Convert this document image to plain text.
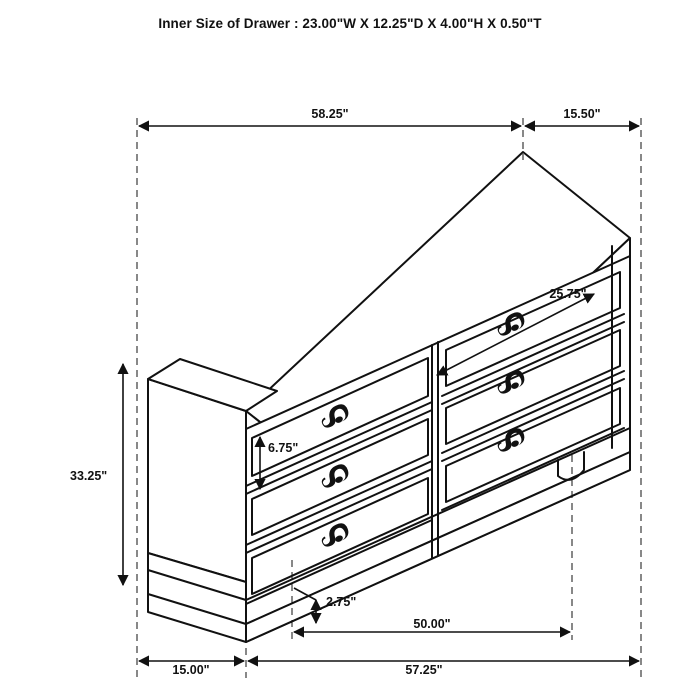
Inner Size of Drawer : 23.00"W X 12.25"D X 4.00"H X 0.50"T
58.25"	15.50"
25.75"
6.75"
33.25"
15.00"	57.25"
50.00"
2.75"
